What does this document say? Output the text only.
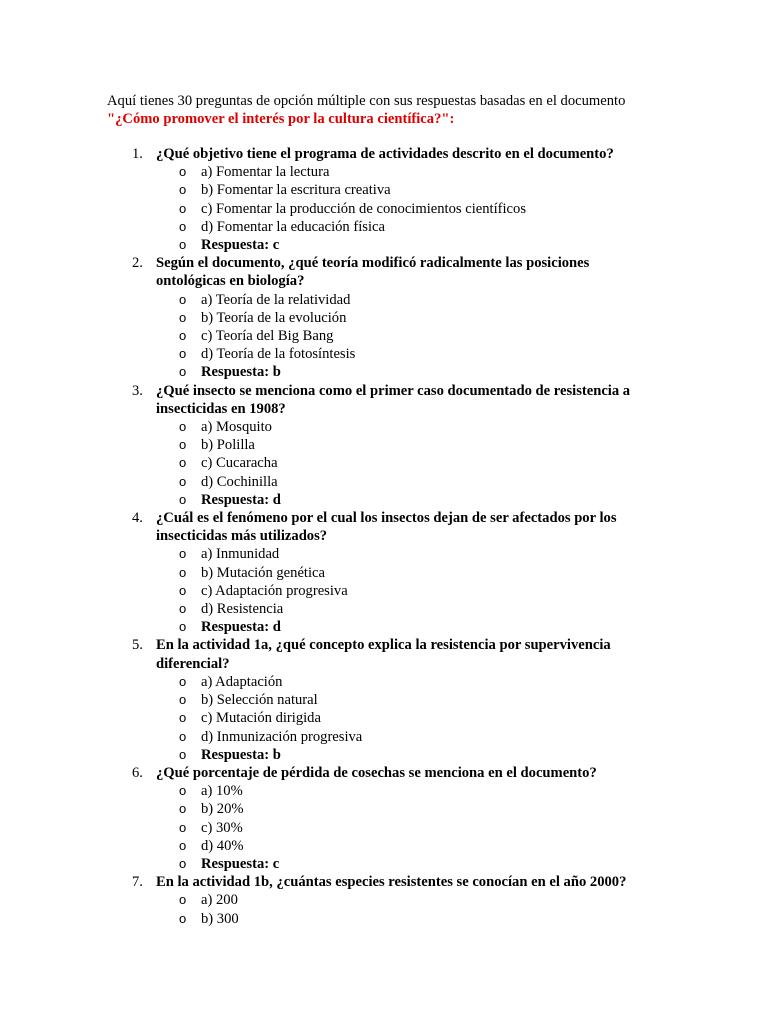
Aquí tienes 30 preguntas de opción múltiple con sus respuestas basadas en el documento
"¿Cómo promover el interés por la cultura científica?":
1. ¿Qué objetivo tiene el programa de actividades descrito en el documento?
o a) Fomentar la lectura
o b) Fomentar la escritura creativa
o c) Fomentar la producción de conocimientos científicos
o d) Fomentar la educación física
o Respuesta: c
2. Según el documento, ¿qué teoría modificó radicalmente las posiciones ontológicas en biología?
o a) Teoría de la relatividad
o b) Teoría de la evolución
o c) Teoría del Big Bang
o d) Teoría de la fotosíntesis
o Respuesta: b
3. ¿Qué insecto se menciona como el primer caso documentado de resistencia a insecticidas en 1908?
o a) Mosquito
o b) Polilla
o c) Cucaracha
o d) Cochinilla
o Respuesta: d
4. ¿Cuál es el fenómeno por el cual los insectos dejan de ser afectados por los insecticidas más utilizados?
o a) Inmunidad
o b) Mutación genética
o c) Adaptación progresiva
o d) Resistencia
o Respuesta: d
5. En la actividad 1a, ¿qué concepto explica la resistencia por supervivencia diferencial?
o a) Adaptación
o b) Selección natural
o c) Mutación dirigida
o d) Inmunización progresiva
o Respuesta: b
6. ¿Qué porcentaje de pérdida de cosechas se menciona en el documento?
o a) 10%
o b) 20%
o c) 30%
o d) 40%
o Respuesta: c
7. En la actividad 1b, ¿cuántas especies resistentes se conocían en el año 2000?
o a) 200
o b) 300
